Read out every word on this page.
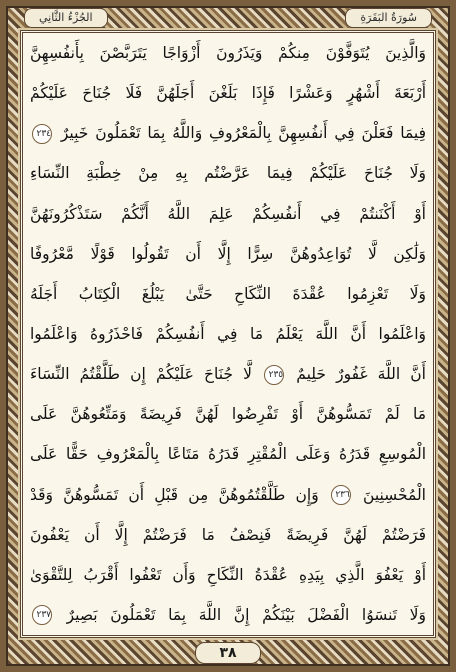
الجُزْءُ الثَّانِي	سُورَةُ البَقَرَةِ
وَالَّذِينَ يُتَوَفَّوْنَ مِنكُمْ وَيَذَرُونَ أَزْوَاجًا يَتَرَبَّصْنَ بِأَنفُسِهِنَّ
أَرْبَعَةَ أَشْهُرٍ وَعَشْرًا فَإِذَا بَلَغْنَ أَجَلَهُنَّ فَلَا جُنَاحَ عَلَيْكُمْ
فِيمَا فَعَلْنَ فِي أَنفُسِهِنَّ بِالْمَعْرُوفِ وَاللَّهُ بِمَا تَعْمَلُونَ خَبِيرٌ ٢٣٤
وَلَا جُنَاحَ عَلَيْكُمْ فِيمَا عَرَّضْتُم بِهِ مِنْ خِطْبَةِ النِّسَاءِ
أَوْ أَكْنَنتُمْ فِي أَنفُسِكُمْ عَلِمَ اللَّهُ أَنَّكُمْ سَتَذْكُرُونَهُنَّ
وَلَٰكِن لَّا تُوَاعِدُوهُنَّ سِرًّا إِلَّا أَن تَقُولُوا قَوْلًا مَّعْرُوفًا
وَلَا تَعْزِمُوا عُقْدَةَ النِّكَاحِ حَتَّىٰ يَبْلُغَ الْكِتَابُ أَجَلَهُ
وَاعْلَمُوا أَنَّ اللَّهَ يَعْلَمُ مَا فِي أَنفُسِكُمْ فَاحْذَرُوهُ وَاعْلَمُوا
أَنَّ اللَّهَ غَفُورٌ حَلِيمٌ ٢٣٥ لَّا جُنَاحَ عَلَيْكُمْ إِن طَلَّقْتُمُ النِّسَاءَ
مَا لَمْ تَمَسُّوهُنَّ أَوْ تَفْرِضُوا لَهُنَّ فَرِيضَةً وَمَتِّعُوهُنَّ عَلَى
الْمُوسِعِ قَدَرُهُ وَعَلَى الْمُقْتِرِ قَدَرُهُ مَتَاعًا بِالْمَعْرُوفِ حَقًّا عَلَى
الْمُحْسِنِينَ ٢٣٦ وَإِن طَلَّقْتُمُوهُنَّ مِن قَبْلِ أَن تَمَسُّوهُنَّ وَقَدْ
فَرَضْتُمْ لَهُنَّ فَرِيضَةً فَنِصْفُ مَا فَرَضْتُمْ إِلَّا أَن يَعْفُونَ
أَوْ يَعْفُوَ الَّذِي بِيَدِهِ عُقْدَةُ النِّكَاحِ وَأَن تَعْفُوا أَقْرَبُ لِلتَّقْوَىٰ
وَلَا تَنسَوُا الْفَضْلَ بَيْنَكُمْ إِنَّ اللَّهَ بِمَا تَعْمَلُونَ بَصِيرٌ ٢٣٧
٣٨
